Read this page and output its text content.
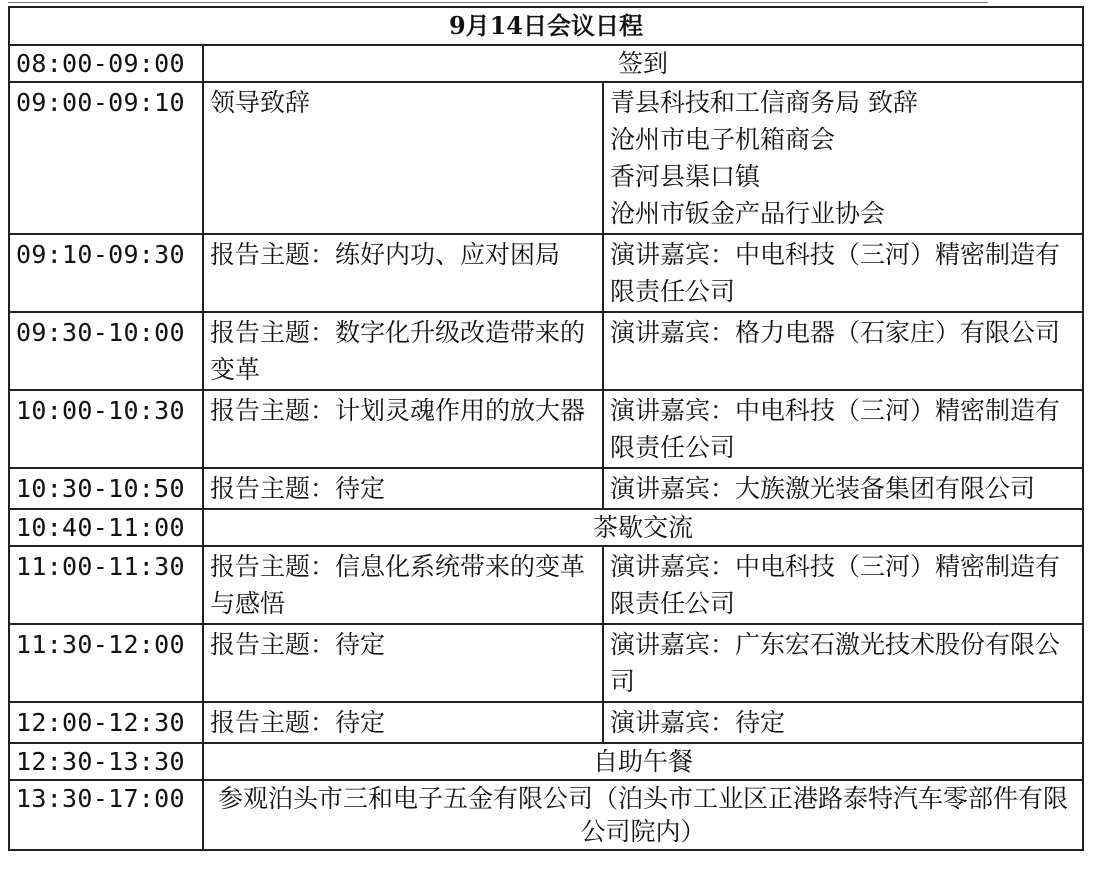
9月14日会议日程		
08:00-09:00	签到	
09:00-09:10	领导致辞	青县科技和工信商务局 致辞
沧州市电子机箱商会
香河县渠口镇
沧州市钣金产品行业协会

09:10-09:30	报告主题：练好内功、应对困局	演讲嘉宾：中电科技（三河）精密制造有限责任公司

09:30-10:00	报告主题：数字化升级改造带来的变革	演讲嘉宾：格力电器（石家庄）有限公司

10:00-10:30	报告主题：计划灵魂作用的放大器	演讲嘉宾：中电科技（三河）精密制造有限责任公司

10:30-10:50	报告主题：待定	演讲嘉宾：大族激光装备集团有限公司

10:40-11:00	茶歇交流	
11:00-11:30	报告主题：信息化系统带来的变革与感悟	演讲嘉宾：中电科技（三河）精密制造有限责任公司

11:30-12:00	报告主题：待定	演讲嘉宾：广东宏石激光技术股份有限公司

12:00-12:30	报告主题：待定	演讲嘉宾：待定

12:30-13:30	自助午餐	
13:30-17:00	参观泊头市三和电子五金有限公司（泊头市工业区正港路泰特汽车零部件有限公司院内）	
